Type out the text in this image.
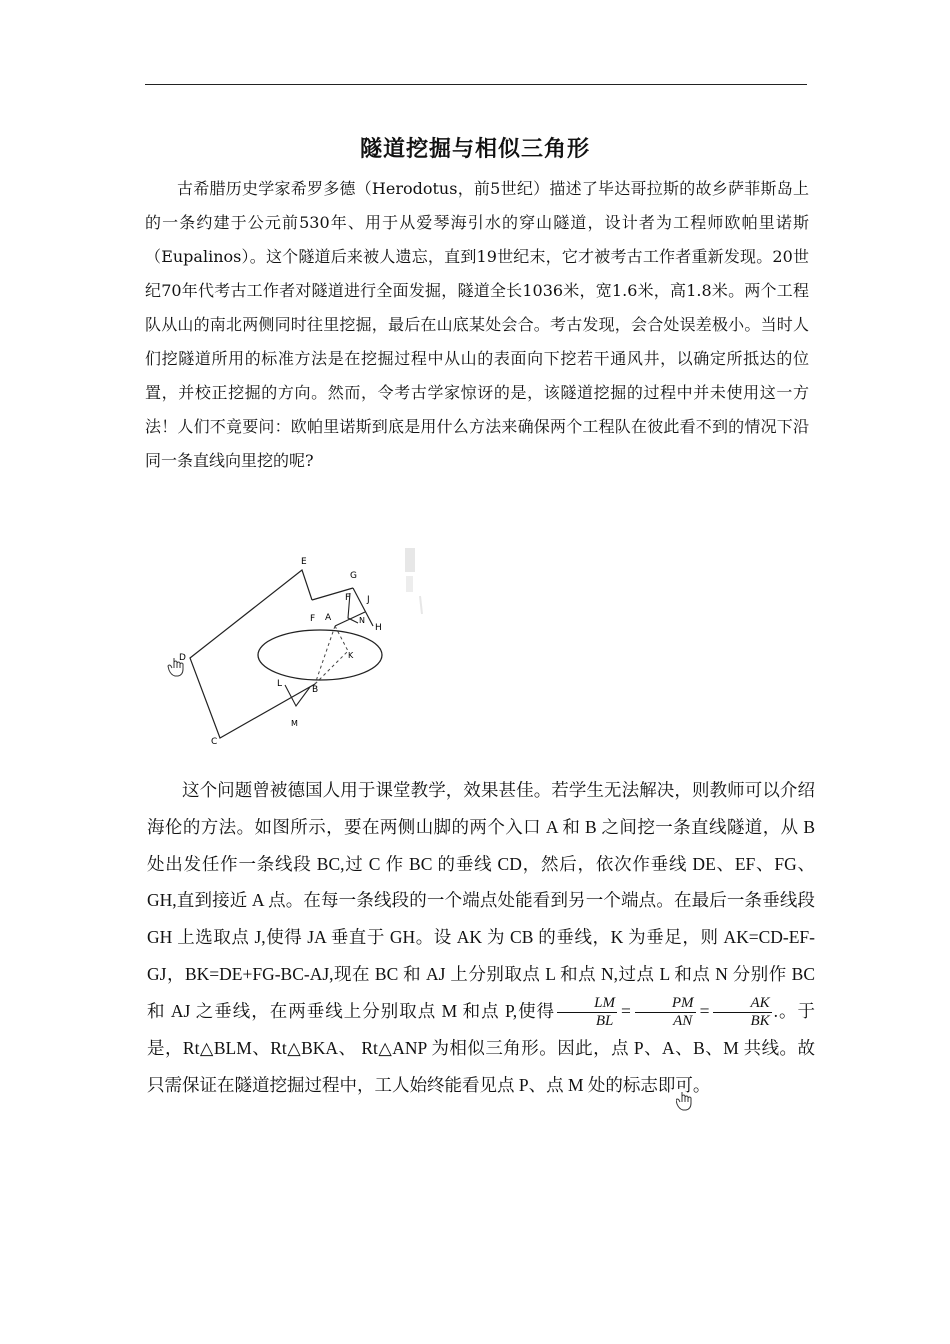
隧道挖掘与相似三角形
古希腊历史学家希罗多德（Herodotus，前5世纪）描述了毕达哥拉斯的故乡萨菲斯岛上的一条约建于公元前530年、用于从爱琴海引水的穿山隧道，设计者为工程师欧帕里诺斯（Eupalinos）。这个隧道后来被人遗忘，直到19世纪末，它才被考古工作者重新发现。20世纪70年代考古工作者对隧道进行全面发掘，隧道全长1036米，宽1.6米，高1.8米。两个工程队从山的南北两侧同时往里挖掘，最后在山底某处会合。考古发现，会合处误差极小。当时人们挖隧道所用的标准方法是在挖掘过程中从山的表面向下挖若干通风井，以确定所抵达的位置，并校正挖掘的方向。然而，令考古学家惊讶的是，该隧道挖掘的过程中并未使用这一方法！人们不竟要问：欧帕里诺斯到底是用什么方法来确保两个工程队在彼此看不到的情况下沿同一条直线向里挖的呢?
E
G
F A
F J
N
H
D	K
L
B
M
C
这个问题曾被德国人用于课堂教学，效果甚佳。若学生无法解决，则教师可以介绍海伦的方法。如图所示，要在两侧山脚的两个入口 A 和 B 之间挖一条直线隧道，从 B 处出发任作一条线段 BC,过 C 作 BC 的垂线 CD，然后，依次作垂线 DE、EF、FG、GH,直到接近 A 点。在每一条线段的一个端点处能看到另一个端点。在最后一条垂线段 GH 上选取点 J,使得 JA 垂直于 GH。设 AK 为 CB 的垂线，K 为垂足，则 AK=CD-EF-GJ，BK=DE+FG-BC-AJ,现在 BC 和 AJ 上分别取点 L 和点 N,过点 L 和点 N 分别作 BC 和 AJ 之垂线，在两垂线上分别取点 M 和点 P,使得 $\frac{LM}{BL} = \frac{PM}{AN} = \frac{AK}{BK}$ .。于是，Rt△BLM、Rt△BKA、 Rt△ANP 为相似三角形。因此，点 P、A、B、M 共线。故只需保证在隧道挖掘过程中，工人始终能看见点 P、点 M 处的标志即可。
